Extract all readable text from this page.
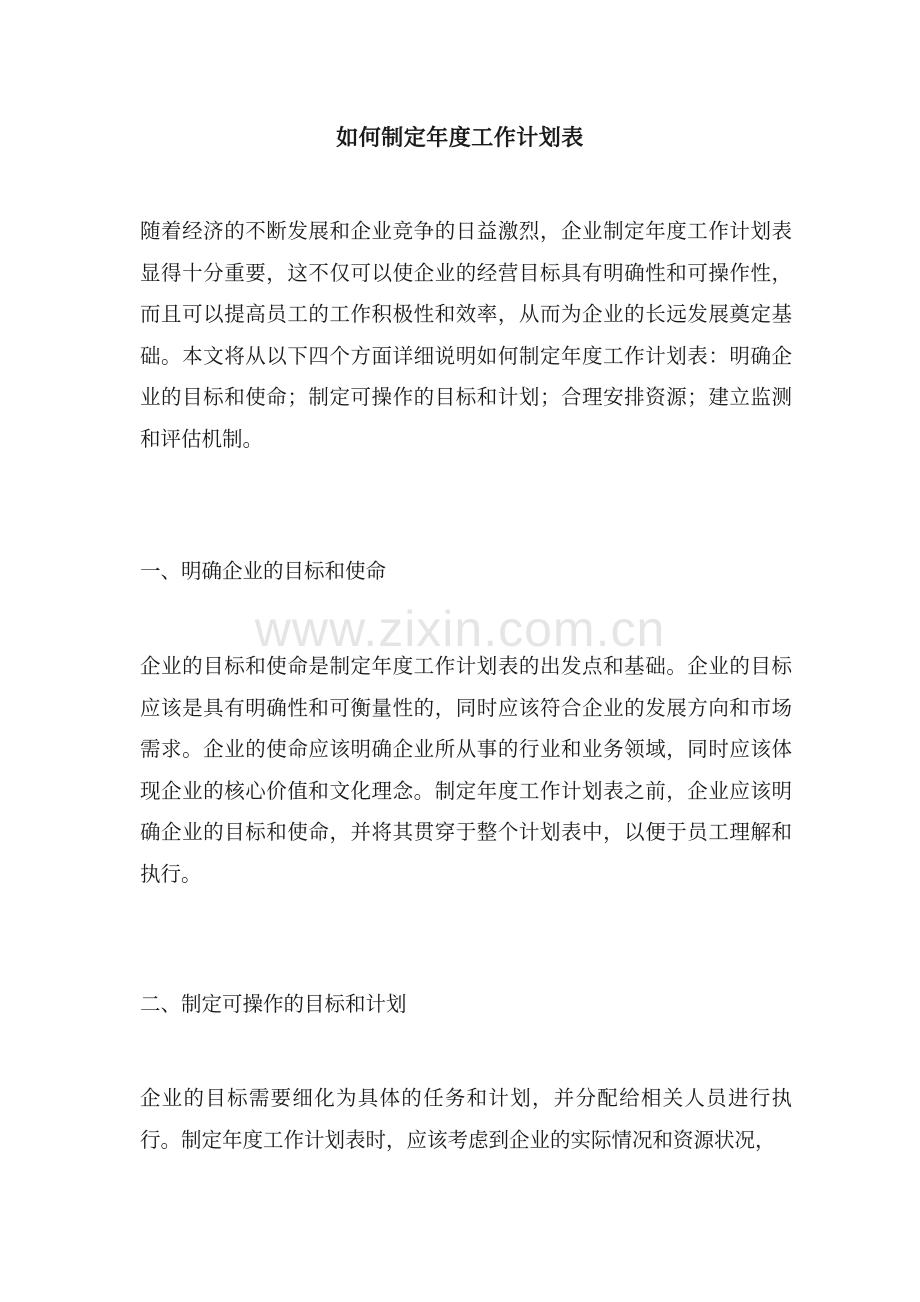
www.zixin.com.cn
如何制定年度工作计划表

随着经济的不断发展和企业竞争的日益激烈，企业制定年度工作计划表显得十分重要，这不仅可以使企业的经营目标具有明确性和可操作性，而且可以提高员工的工作积极性和效率，从而为企业的长远发展奠定基础。本文将从以下四个方面详细说明如何制定年度工作计划表：明确企业的目标和使命；制定可操作的目标和计划；合理安排资源；建立监测和评估机制。

一、明确企业的目标和使命

企业的目标和使命是制定年度工作计划表的出发点和基础。企业的目标应该是具有明确性和可衡量性的，同时应该符合企业的发展方向和市场需求。企业的使命应该明确企业所从事的行业和业务领域，同时应该体现企业的核心价值和文化理念。制定年度工作计划表之前，企业应该明确企业的目标和使命，并将其贯穿于整个计划表中，以便于员工理解和执行。

二、制定可操作的目标和计划

企业的目标需要细化为具体的任务和计划，并分配给相关人员进行执行。制定年度工作计划表时，应该考虑到企业的实际情况和资源状况，
